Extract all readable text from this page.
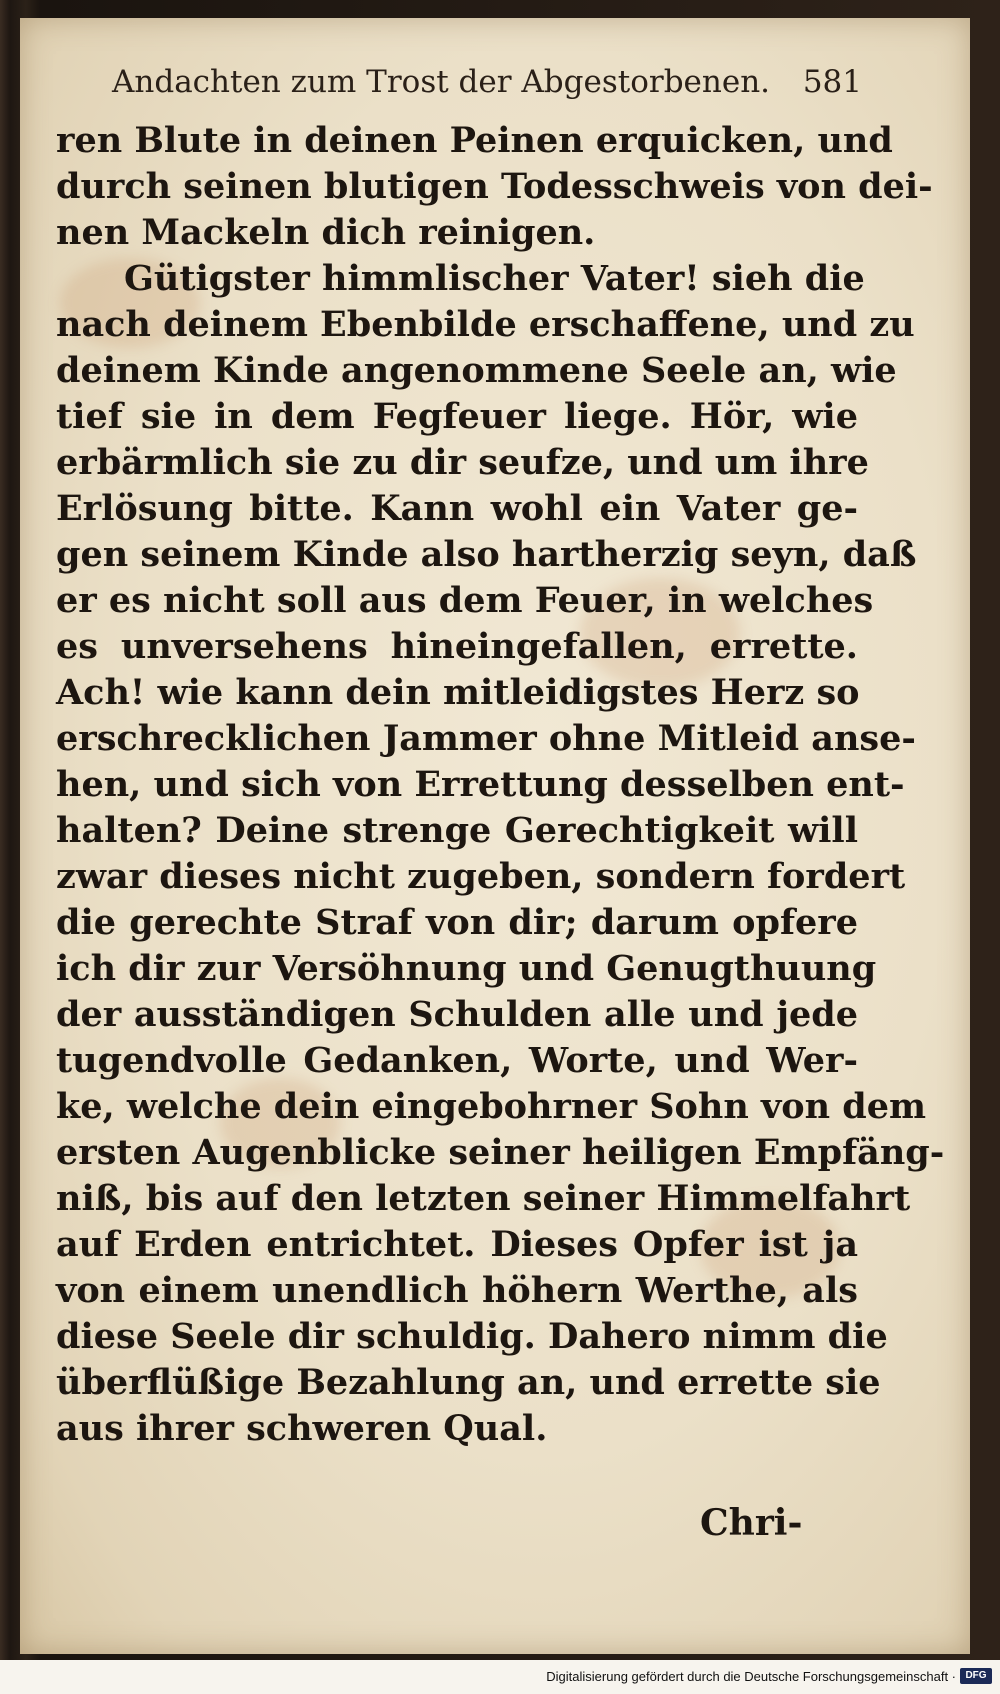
Andachten zum Trost der Abgestorbenen. 581
ren Blute in deinen Peinen erquicken, und
durch seinen blutigen Todesschweis von dei-
nen Mackeln dich reinigen.
Gütigster himmlischer Vater! sieh die
nach deinem Ebenbilde erschaffene, und zu
deinem Kinde angenommene Seele an, wie
tief sie in dem Fegfeuer liege. Hör, wie
erbärmlich sie zu dir seufze, und um ihre
Erlösung bitte. Kann wohl ein Vater ge-
gen seinem Kinde also hartherzig seyn, daß
er es nicht soll aus dem Feuer, in welches
es unversehens hineingefallen, errette.
Ach! wie kann dein mitleidigstes Herz so
erschrecklichen Jammer ohne Mitleid anse-
hen, und sich von Errettung desselben ent-
halten? Deine strenge Gerechtigkeit will
zwar dieses nicht zugeben, sondern fordert
die gerechte Straf von dir; darum opfere
ich dir zur Versöhnung und Genugthuung
der ausständigen Schulden alle und jede
tugendvolle Gedanken, Worte, und Wer-
ke, welche dein eingebohrner Sohn von dem
ersten Augenblicke seiner heiligen Empfäng-
niß, bis auf den letzten seiner Himmelfahrt
auf Erden entrichtet. Dieses Opfer ist ja
von einem unendlich höhern Werthe, als
diese Seele dir schuldig. Dahero nimm die
überflüßige Bezahlung an, und errette sie
aus ihrer schweren Qual.
Chri-
Digitalisierung gefördert durch die Deutsche Forschungsgemeinschaft · DFG
